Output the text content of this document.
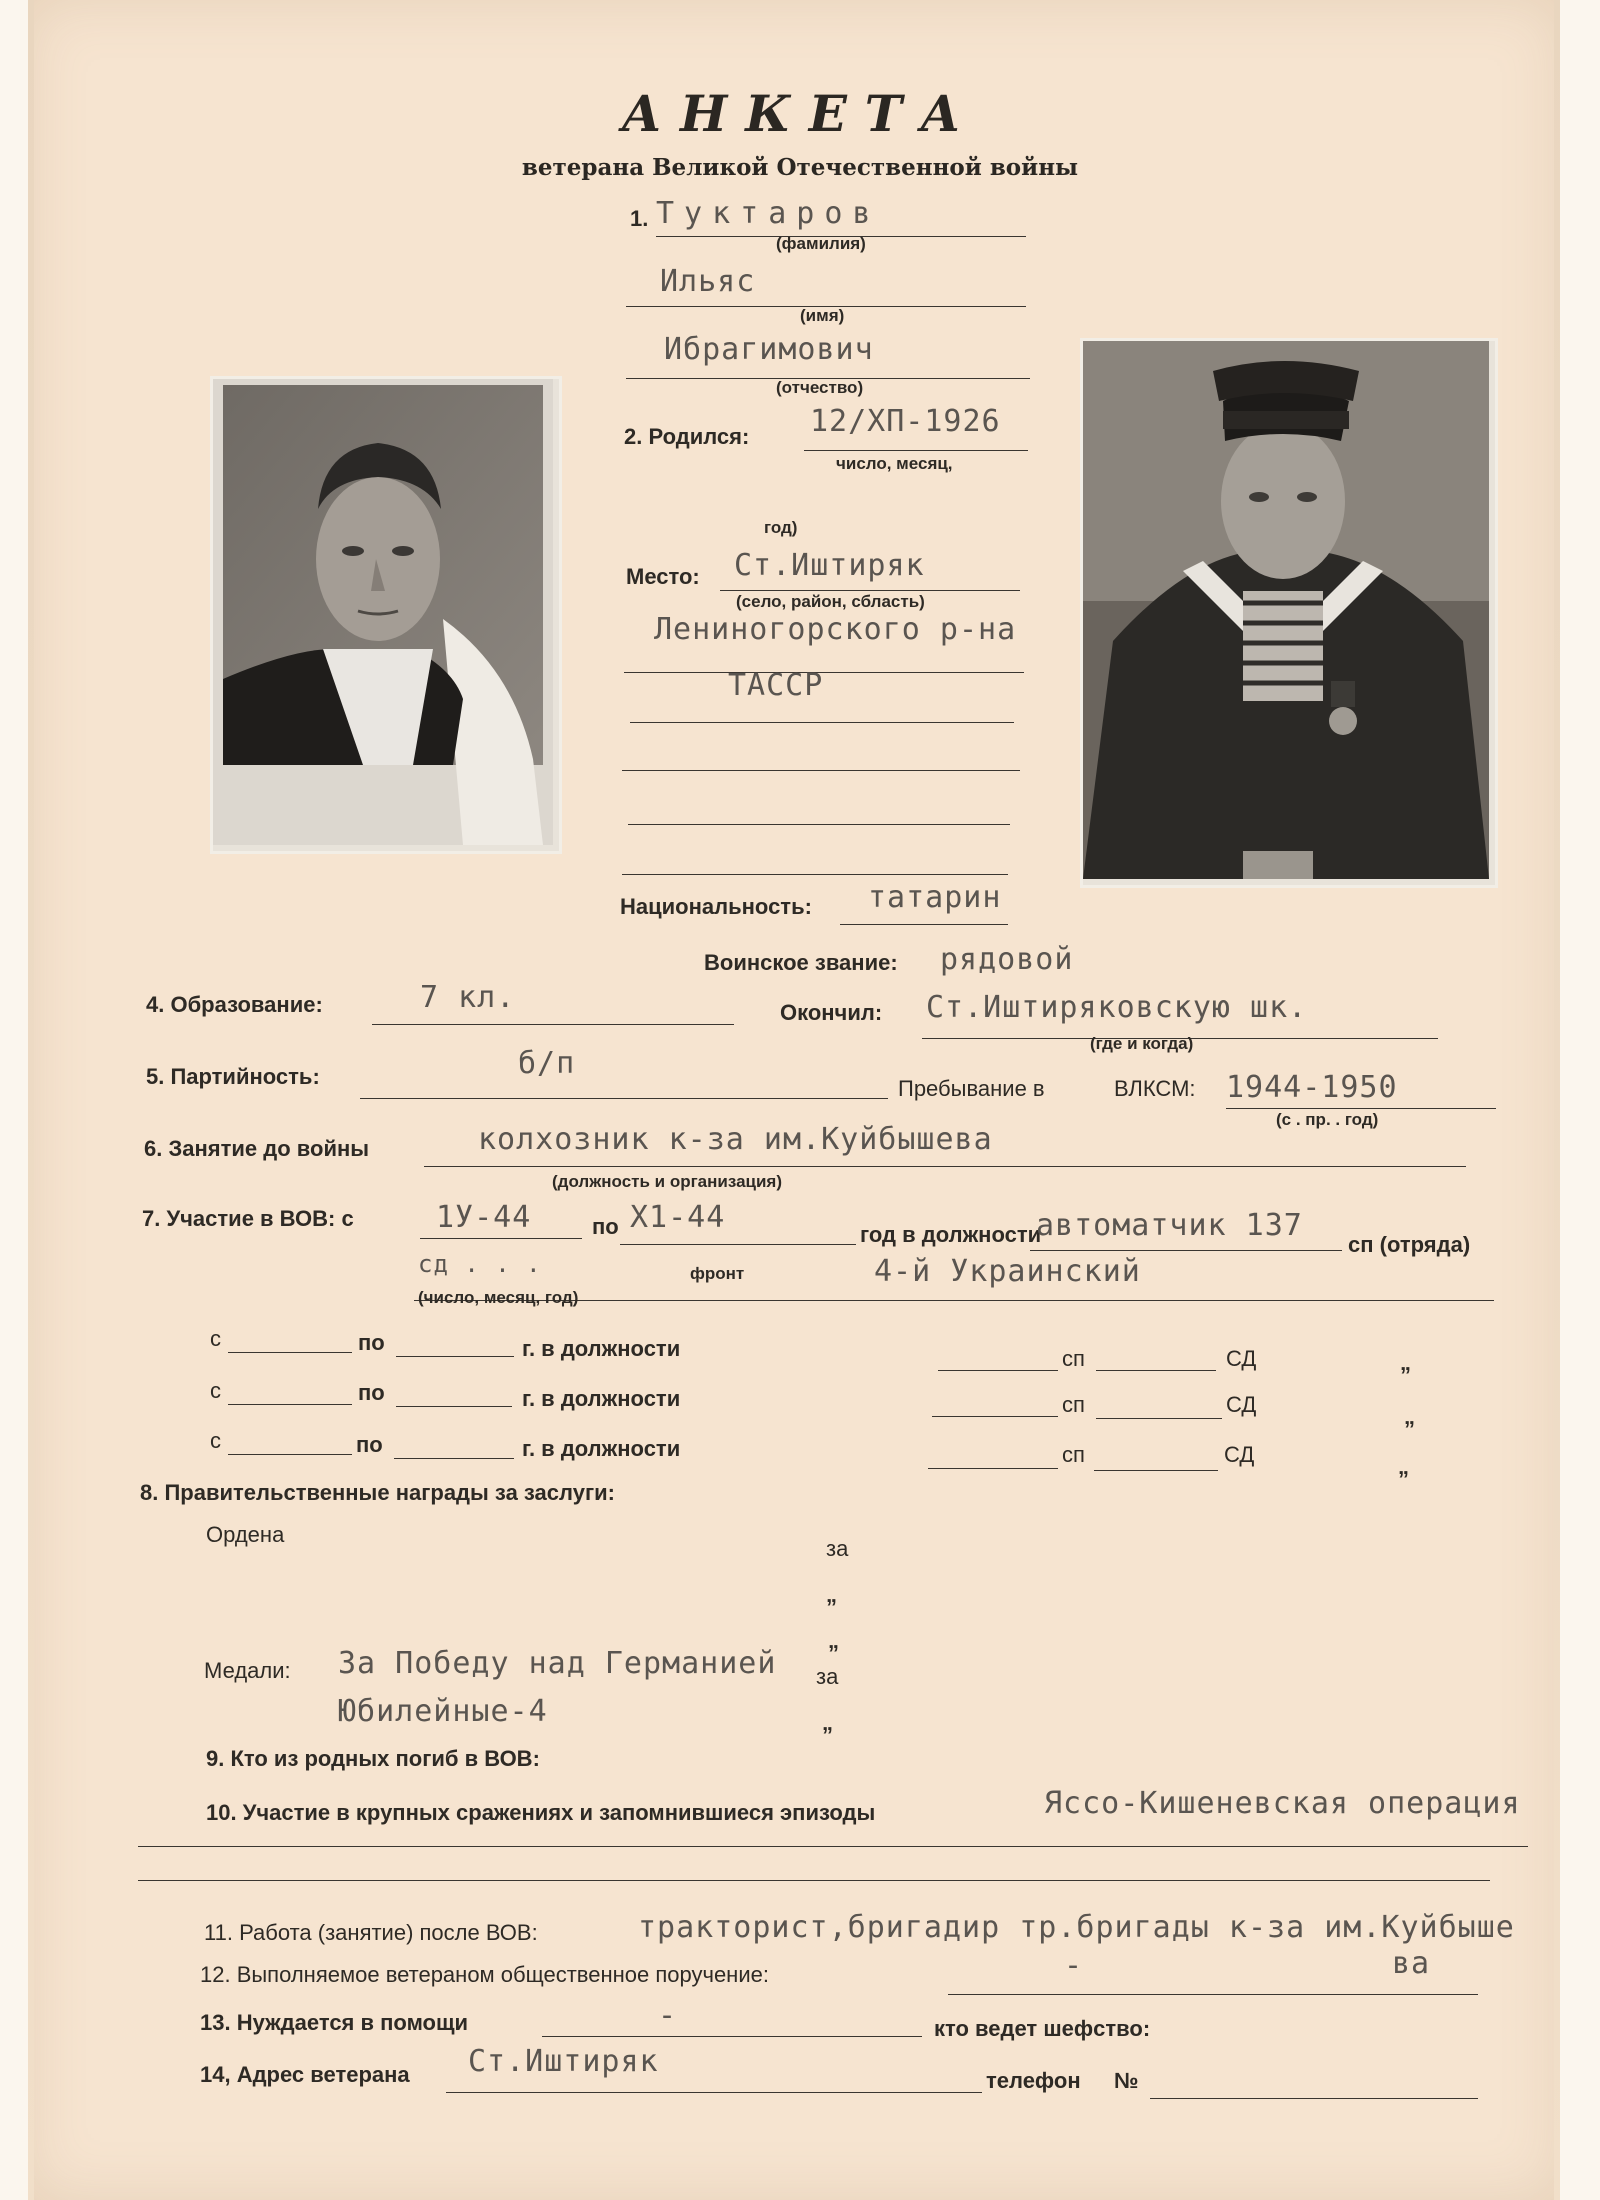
АНКЕТА
ветерана Великой Отечественной войны
1. Туктаров
(фамилия)
Ильяс
(имя)
Ибрагимович
(отчество)
2. Родился: 12/XП-1926
число, месяц,
год)
Место: Ст.Иштиряк
(село, район, сбласть)
Лениногорского р-на
ТАССР
Национальность: татарин
Воинское звание: рядовой
4. Образование:	7 кл.	Окончил: Ст.Иштиряковскую шк.
(где и когда)
5. Партийность:	б/п
Пребывание в	ВЛКСМ: 1944-1950
(с . пр. . год)
6. Занятие до войны	колхозник к-за им.Куйбышева
(должность и организация)
7. Участие в ВОВ: с	1У-44	по Х1-44	год в должности
автоматчик 137
сп (отряда)
сд . . .	фронт	4-й Украинский
(число, месяц, год)
с	по	г. в должности	сп	СД	„
с	по	г. в должности	сп	СД	„
с	по	г. в должности	сп	СД	„
8. Правительственные награды за заслуги:
Ордена
за
„
„
Медали: За Победу над Германией за
Юбилейные-4	„
9. Кто из родных погиб в ВОВ:
10. Участие в крупных сражениях и запомнившиеся эпизоды	Яссо-Кишеневская операция
11. Работа (занятие) после ВОВ:	тракторист,бригадир тр.бригады к-за им.Куйбыше
ва
12. Выполняемое ветераном общественное поручение:	-
13. Нуждается в помощи	-	кто ведет шефство:
14, Адрес ветерана Ст.Иштиряк
телефон №
